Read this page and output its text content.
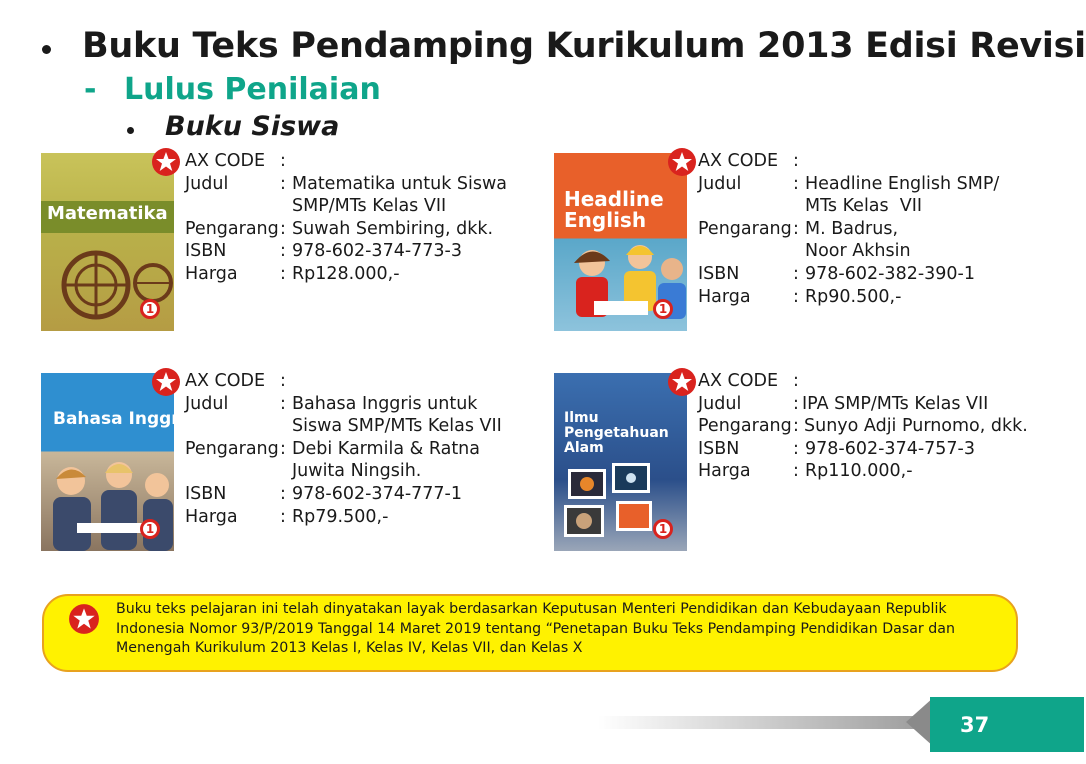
Buku Teks Pendamping Kurikulum 2013 Edisi Revisi
- Lulus Penilaian
Buku Siswa
Matematika
1
AX CODE :
Judul	: Matematika untuk Siswa
SMP/MTs Kelas VII
Pengarang : Suwah Sembiring, dkk.
ISBN	: 978-602-374-773-3
Harga : Rp128.000,-
Headline
English
1
AX CODE :
Judul	: Headline English SMP/
MTs Kelas  VII
Pengarang : M. Badrus,
Noor Akhsin
ISBN	: 978-602-382-390-1
Harga : Rp90.500,-
Bahasa Inggris
1
AX CODE :
Judul	: Bahasa Inggris untuk
Siswa SMP/MTs Kelas VII
Pengarang : Debi Karmila & Ratna
Juwita Ningsih.
ISBN	: 978-602-374-777-1
Harga : Rp79.500,-
Ilmu
Pengetahuan
Alam
1
AX CODE :
Judul	: IPA SMP/MTs Kelas VII
Pengarang : Sunyo Adji Purnomo, dkk.
ISBN	: 978-602-374-757-3
Harga : Rp110.000,-
Buku teks pelajaran ini telah dinyatakan layak berdasarkan Keputusan Menteri Pendidikan dan Kebudayaan Republik
Indonesia Nomor 93/P/2019 Tanggal 14 Maret 2019 tentang “Penetapan Buku Teks Pendamping Pendidikan Dasar dan
Menengah Kurikulum 2013 Kelas I, Kelas IV, Kelas VII, dan Kelas X
37
